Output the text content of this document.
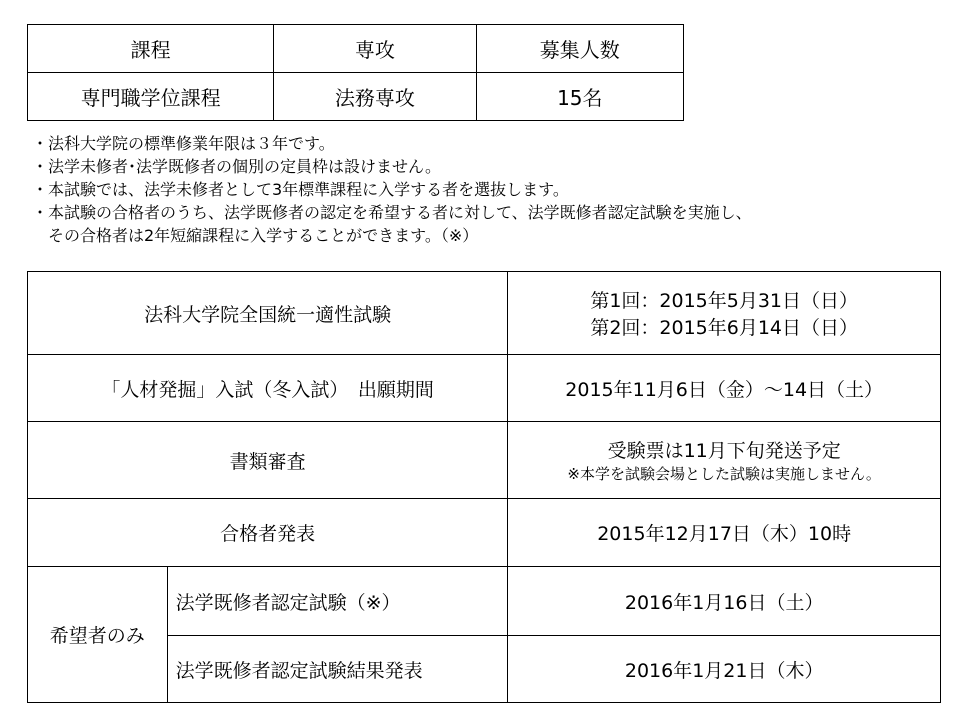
課程	専攻	募集人数
専門職学位課程	法務専攻	15名
・法科大学院の標準修業年限は３年です。
・法学未修者･法学既修者の個別の定員枠は設けません。
・本試験では、法学未修者として3年標準課程に入学する者を選抜します。
・本試験の合格者のうち、法学既修者の認定を希望する者に対して、法学既修者認定試験を実施し、
　その合格者は2年短縮課程に入学することができます。（※）
法科大学院全国統一適性試験		第1回：2015年5月31日（日）
第2回：2015年6月14日（日）

「人材発掘」入試（冬入試）　出願期間		2015年11月6日（金）～14日（土）
書類審査		受験票は11月下旬発送予定
※本学を試験会場とした試験は実施しません。

合格者発表		2015年12月17日（木）10時
希望者のみ	法学既修者認定試験（※）	2016年1月16日（土）
	法学既修者認定試験結果発表	2016年1月21日（木）
